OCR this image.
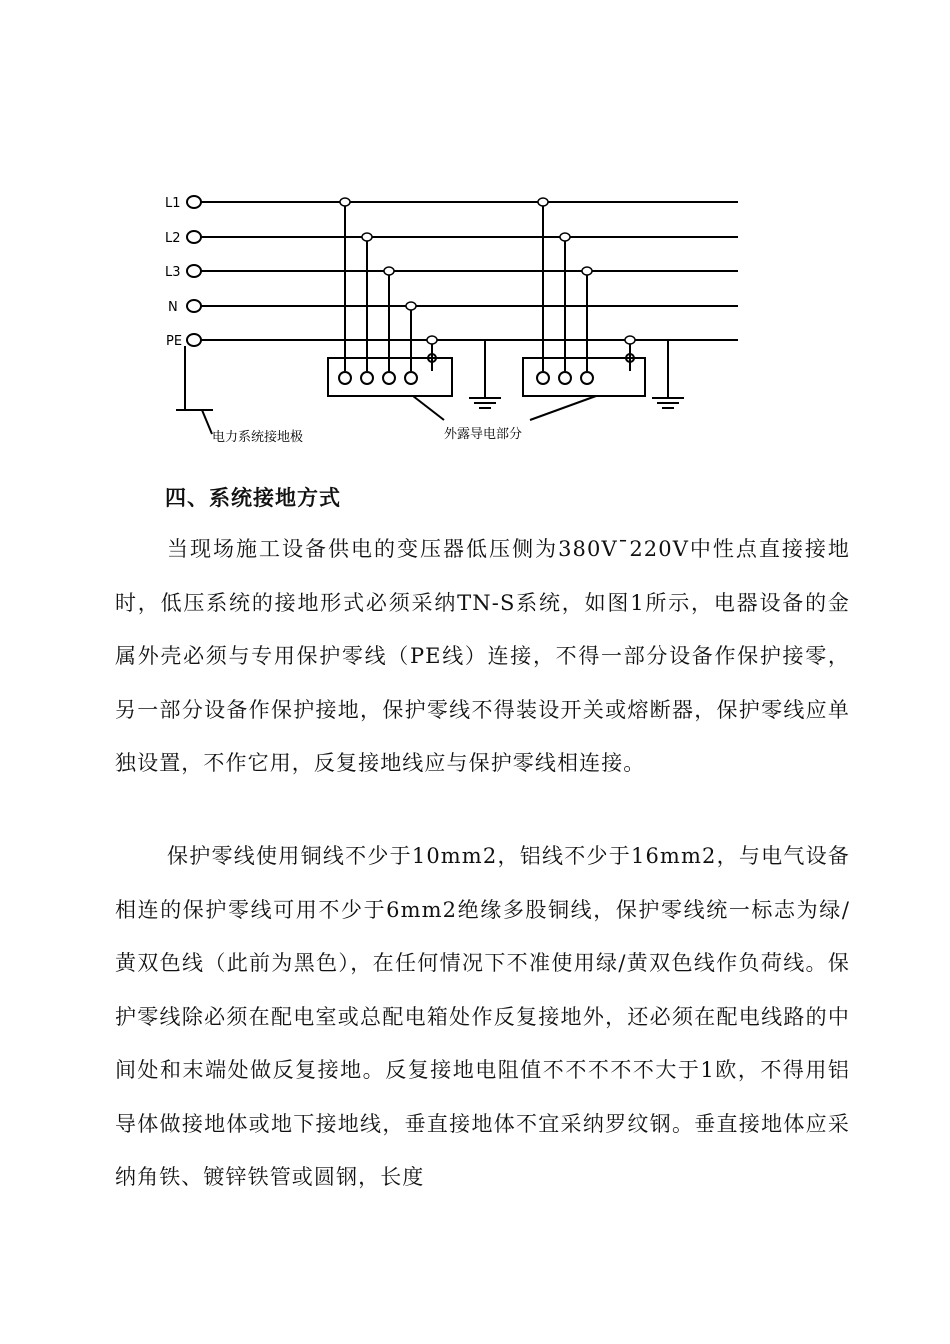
L1
L2
L3
N
PE
电力系统接地极	外露导电部分
四、系统接地方式

当现场施工设备供电的变压器低压侧为380V¯220V中性点直接接地时，低压系统的接地形式必须采纳TN-S系统，如图1所示，电器设备的金属外壳必须与专用保护零线（PE线）连接，不得一部分设备作保护接零，另一部分设备作保护接地，保护零线不得装设开关或熔断器，保护零线应单独设置，不作它用，反复接地线应与保护零线相连接。

保护零线使用铜线不少于10mm2，铝线不少于16mm2，与电气设备相连的保护零线可用不少于6mm2绝缘多股铜线，保护零线统一标志为绿/黄双色线（此前为黑色），在任何情况下不准使用绿/黄双色线作负荷线。保护零线除必须在配电室或总配电箱处作反复接地外，还必须在配电线路的中间处和末端处做反复接地。反复接地电阻值不不不不不大于1欧，不得用铝导体做接地体或地下接地线，垂直接地体不宜采纳罗纹钢。垂直接地体应采纳角铁、镀锌铁管或圆钢，长度
